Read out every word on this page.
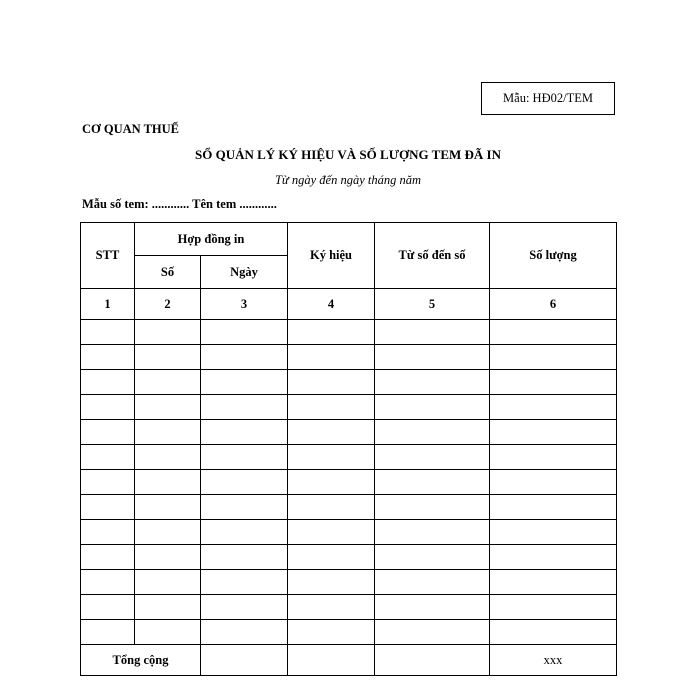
Mẫu: HĐ02/TEM
CƠ QUAN THUẾ
SỔ QUẢN LÝ KÝ HIỆU VÀ SỐ LƯỢNG TEM ĐÃ IN
Từ ngày đến ngày tháng năm
Mẫu số tem: ............ Tên tem ............
STT	Hợp đồng in		Ký hiệu	Từ số đến số	Số lượng
	Số	Ngày			
1	2	3	4	5	6

Tổng cộng					xxx
